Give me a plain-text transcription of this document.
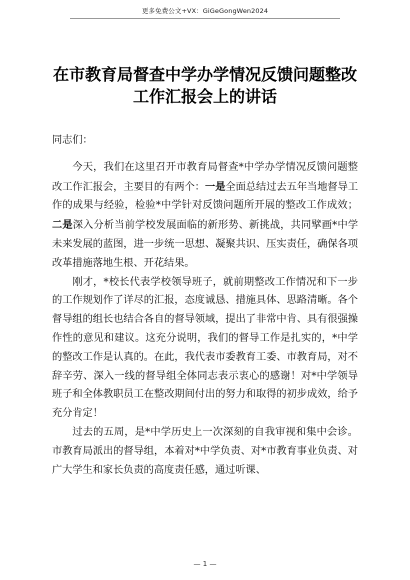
更多免费公文+VX：GiGeGongWen2024
在市教育局督查中学办学情况反馈问题整改工作汇报会上的讲话

同志们：

今天，我们在这里召开市教育局督查*中学办学情况反馈问题整改工作汇报会，主要目的有两个：一是全面总结过去五年当地督导工作的成果与经验，检验*中学针对反馈问题所开展的整改工作成效；二是深入分析当前学校发展面临的新形势、新挑战，共同擘画*中学未来发展的蓝图，进一步统一思想、凝聚共识、压实责任，确保各项改革措施落地生根、开花结果。

刚才，*校长代表学校领导班子，就前期整改工作情况和下一步的工作规划作了详尽的汇报，态度诚恳、措施具体、思路清晰。各个督导组的组长也结合各自的督导领域，提出了非常中肯、具有很强操作性的意见和建议。这充分说明，我们的督导工作是扎实的，*中学的整改工作是认真的。在此，我代表市委教育工委、市教育局，对不辞辛劳、深入一线的督导组全体同志表示衷心的感谢！对*中学领导班子和全体教职员工在整改期间付出的努力和取得的初步成效，给予充分肯定！

过去的五周，是*中学历史上一次深刻的自我审视和集中会诊。市教育局派出的督导组，本着对*中学负责、对*市教育事业负责、对广大学生和家长负责的高度责任感，通过听课、

— 1 —
